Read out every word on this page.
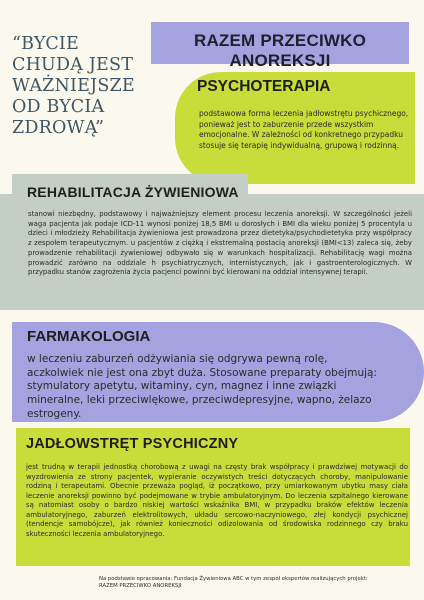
“BYCIE CHUDĄ JEST WAŻNIEJSZE OD BYCIA ZDROWĄ”
RAZEM PRZECIWKO ANOREKSJI
PSYCHOTERAPIA

podstawowa forma leczenia jadłowstrętu psychicznego, ponieważ jest to zaburzenie przede wszystkim emocjonalne. W zależności od konkretnego przypadku stosuje się terapię indywidualną, grupową i rodzinną.

stanowi niezbędny, podstawowy i najważniejszy element procesu leczenia anoreksji. W szczególności jeżeli waga pacjenta jak podaje ICD-11 wynosi poniżej 18,5 BMI u dorosłych i BMI dla wieku poniżej 5 procentyla u dzieci i młodzieży Rehabilitacja żywieniowa jest prowadzona przez dietetyka/psychodietetyka przy współpracy z zespołem terapeutycznym. u pacjentów z ciężką i ekstremalną postacią anoreksji (BMI<13) zaleca się, żeby prowadzenie rehabilitacji żywieniowej odbywało się w warunkach hospitalizacji. Rehabilitację wagi można prowadzić zarówno na oddziale h psychiatrycznych, internistycznych, jak i gastroenterologicznych. W przypadku stanów zagrożenia życia pacjenci powinni być kierowani na oddział intensywnej terapii.

REHABILITACJA ŻYWIENIOWA
FARMAKOLOGIA

w leczeniu zaburzeń odżywiania się odgrywa pewną rolę, aczkolwiek nie jest ona zbyt duża. Stosowane preparaty obejmują: stymulatory apetytu, witaminy, cyn, magnez i inne związki mineralne, leki przeciwlękowe, przeciwdepresyjne, wapno, żelazo estrogeny.

JADŁOWSTRĘT PSYCHICZNY

jest trudną w terapii jednostką chorobową z uwagi na częsty brak współpracy i prawdziwej motywacji do wyzdrowienia ze strony pacjentek, wypieranie oczywistych treści dotyczących choroby, manipulowanie rodziną i terapeutami. Obecnie przeważa pogląd, iż początkowo, przy umiarkowanym ubytku masy ciała leczenie anoreksji powinno być podejmowane w trybie ambulatoryjnym. Do leczenia szpitalnego kierowane są natomiast osoby o bardzo niskiej wartości wskaźnika BMI, w przypadku braków efektów leczenia ambulatoryjnego, zaburzeń elektrolitowych, układu sercowo-naczyniowego, złej kondycji psychicznej (tendencje samobójcze), jak również konieczności odizolowania od środowiska rodzinnego czy braku skuteczności leczenia ambulatoryjnego.

Na podstawie opracowania: Fundacja Żywieniowa ABC w tym zespół ekspertów realizujących projekt:
RAZEM PRZECIWKO ANOREKSJI
